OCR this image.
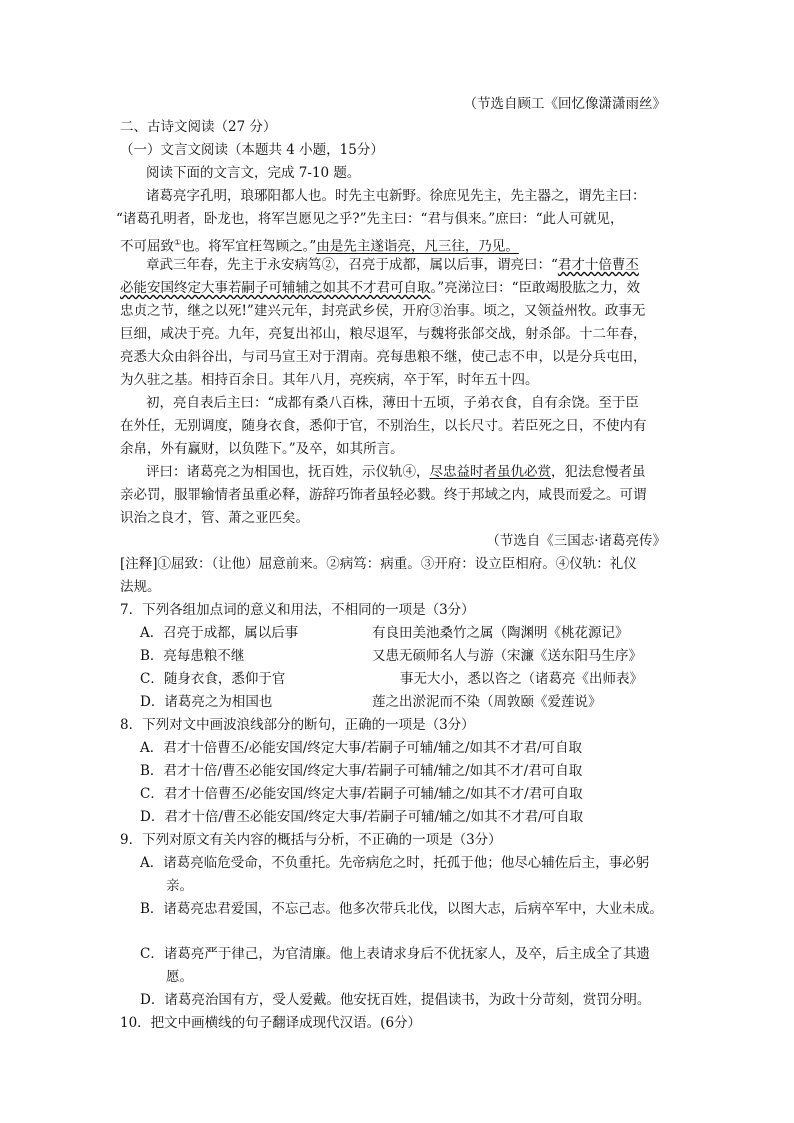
（节选自顾工《回忆像潇潇雨丝》
二、古诗文阅读（27 分）
（一）文言文阅读（本题共 4 小题，15分）
阅读下面的文言文，完成 7-10 题。
诸葛亮字孔明，琅琊阳都人也。时先主屯新野。徐庶见先主，先主器之，谓先主曰：
“诸葛孔明者，卧龙也，将军岂愿见之乎?”先主曰：“君与俱来。”庶曰：“此人可就见，
不可屈致①也。将军宜枉驾顾之。”由是先主遂诣亮，凡三往，乃见。
章武三年春，先主于永安病笃②，召亮于成都，属以后事，谓亮曰：“君才十倍曹丕
必能安国终定大事若嗣子可辅辅之如其不才君可自取。”亮涕泣曰：“臣敢竭股肱之力，效
忠贞之节，继之以死!”建兴元年，封亮武乡侯，开府③治事。顷之，又领益州牧。政事无
巨细，咸决于亮。九年，亮复出祁山，粮尽退军，与魏将张郃交战，射杀郃。十二年春，
亮悉大众由斜谷出，与司马宣王对于渭南。亮每患粮不继，使己志不申，以是分兵屯田，
为久驻之基。相持百余日。其年八月，亮疾病，卒于军，时年五十四。
初，亮自表后主曰：“成都有桑八百株，薄田十五顷，子弟衣食，自有余饶。至于臣
在外任，无别调度，随身衣食，悉仰于官，不别治生，以长尺寸。若臣死之日，不使内有
余帛，外有赢财，以负陛下。”及卒，如其所言。
评曰：诸葛亮之为相国也，抚百姓，示仪轨④，尽忠益时者虽仇必赏，犯法怠慢者虽
亲必罚，服罪输情者虽重必释，游辞巧饰者虽轻必戮。终于邦域之内，咸畏而爱之。可谓
识治之良才，管、萧之亚匹矣。
（节选自《三国志·诸葛亮传》
[注释]①屈致：（让他）屈意前来。②病笃：病重。③开府：设立臣相府。④仪轨：礼仪
法规。
7．下列各组加点词的意义和用法，不相同的一项是（3分）
A．召亮于成都，属以后事	有良田美池桑竹之属（陶渊明《桃花源记》
B．亮每患粮不继	又患无硕师名人与游（宋濂《送东阳马生序》
C．随身衣食，悉仰于官	事无大小，悉以咨之（诸葛亮《出师表》
D．诸葛亮之为相国也	莲之出淤泥而不染（周敦颐《爱莲说》
8．下列对文中画波浪线部分的断句，正确的一项是（3分）
A．君才十倍曹丕/必能安国/终定大事/若嗣子可辅/辅之/如其不才君/可自取
B．君才十倍/曹丕必能安国/终定大事/若嗣子可辅/辅之/如其不才/君可自取
C．君才十倍曹丕/必能安国/终定大事/若嗣子可辅/辅之/如其不才/君可自取
D．君才十倍/曹丕必能安国/终定大事/若嗣子可辅/辅之/如其不才君/可自取
9．下列对原文有关内容的概括与分析，不正确的一项是（3分）
A．诸葛亮临危受命，不负重托。先帝病危之时，托孤于他；他尽心辅佐后主，事必躬
亲。
B．诸葛亮忠君爱国，不忘己志。他多次带兵北伐，以图大志，后病卒军中，大业未成。
C．诸葛亮严于律己，为官清廉。他上表请求身后不优抚家人，及卒，后主成全了其遗
愿。
D．诸葛亮治国有方，受人爱戴。他安抚百姓，提倡读书，为政十分苛刻，赏罚分明。
10．把文中画横线的句子翻译成现代汉语。(6分）
